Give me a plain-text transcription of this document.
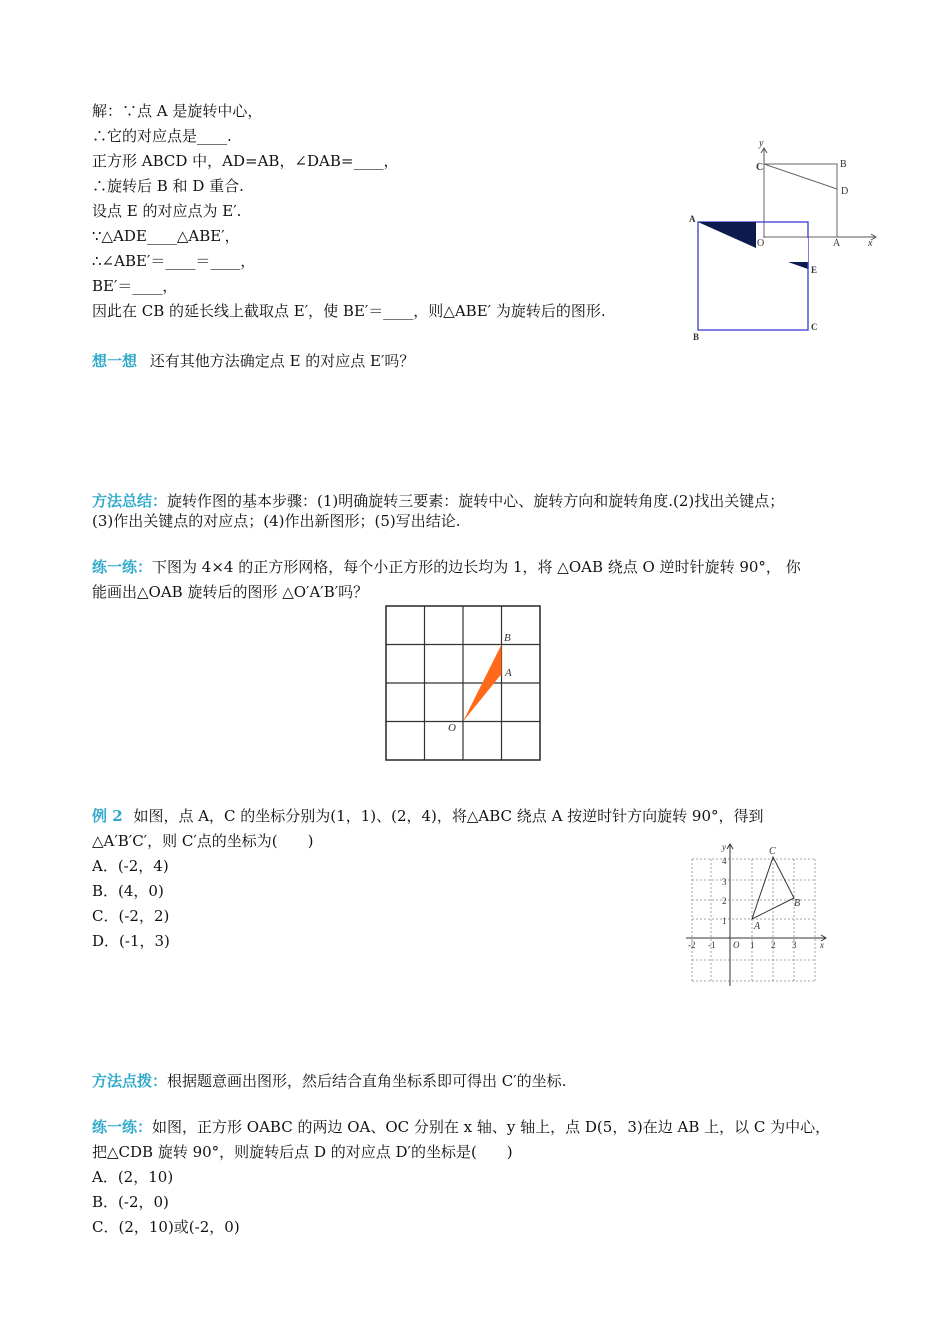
解：∵点 A 是旋转中心，
∴它的对应点是____.
正方形 ABCD 中，AD=AB，∠DAB=____，
∴旋转后 B 和 D 重合.
设点 E 的对应点为 E′.
∵△ADE____△ABE′，
∴∠ABE′＝____＝____，
BE′＝____，
因此在 CB 的延长线上截取点 E′，使 BE′＝____，则△ABE′ 为旋转后的图形.
y
C	B
D
A
O	A	x
E
B
C
想一想 还有其他方法确定点 E 的对应点 E′吗？
方法总结：旋转作图的基本步骤：(1)明确旋转三要素：旋转中心、旋转方向和旋转角度.(2)找出关键点；
(3)作出关键点的对应点；(4)作出新图形；(5)写出结论.
练一练：下图为 4×4 的正方形网格，每个小正方形的边长均为 1，将 △OAB 绕点 O 逆时针旋转 90°， 你
能画出△OAB 旋转后的图形 △O′A′B′吗？
B
A
O
例 2 如图，点 A，C 的坐标分别为(1，1)、(2，4)，将△ABC 绕点 A 按逆时针方向旋转 90°，得到
△A′B′C′，则 C′点的坐标为(　　)
A．(-2，4)
B．(4，0)
C．(-2，2)
D．(-1，3)
y
4
3
2
1
C
B
A
-2 -1 O 1 2 3	x
方法点拨：根据题意画出图形，然后结合直角坐标系即可得出 C′的坐标.
练一练：如图，正方形 OABC 的两边 OA、OC 分别在 x 轴、y 轴上，点 D(5，3)在边 AB 上，以 C 为中心，
把△CDB 旋转 90°，则旋转后点 D 的对应点 D′的坐标是(　　)
A．(2，10)
B．(-2，0)
C．(2，10)或(-2，0)
